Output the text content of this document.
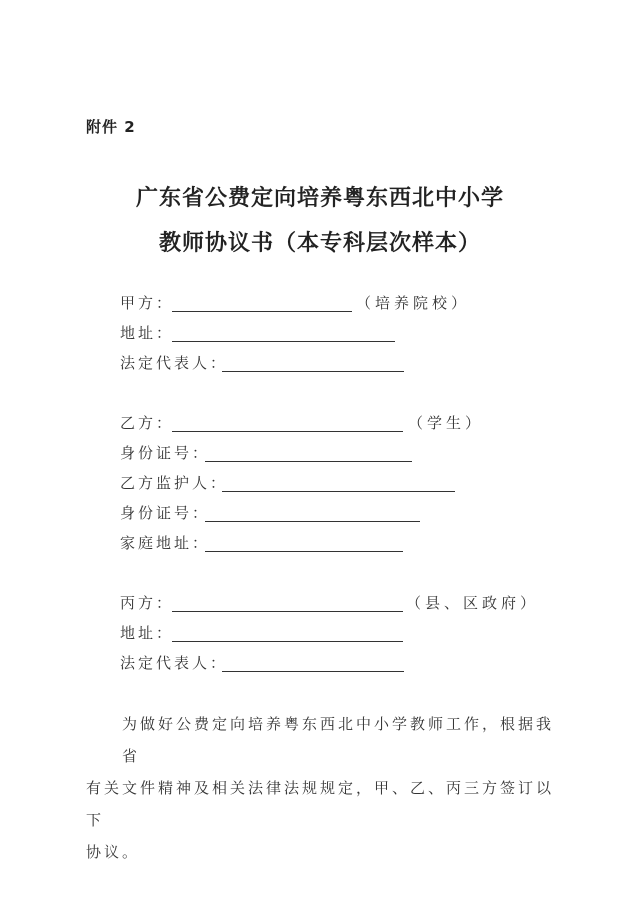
附件 2
广东省公费定向培养粤东西北中小学
教师协议书（本专科层次样本）
甲方：	（培养院校）
地址：
法定代表人：
乙方：	（学生）
身份证号：
乙方监护人：
身份证号：
家庭地址：
丙方：	（县、区政府）
地址：
法定代表人：
为做好公费定向培养粤东西北中小学教师工作，根据我省
有关文件精神及相关法律法规规定，甲、乙、丙三方签订以下
协议。
